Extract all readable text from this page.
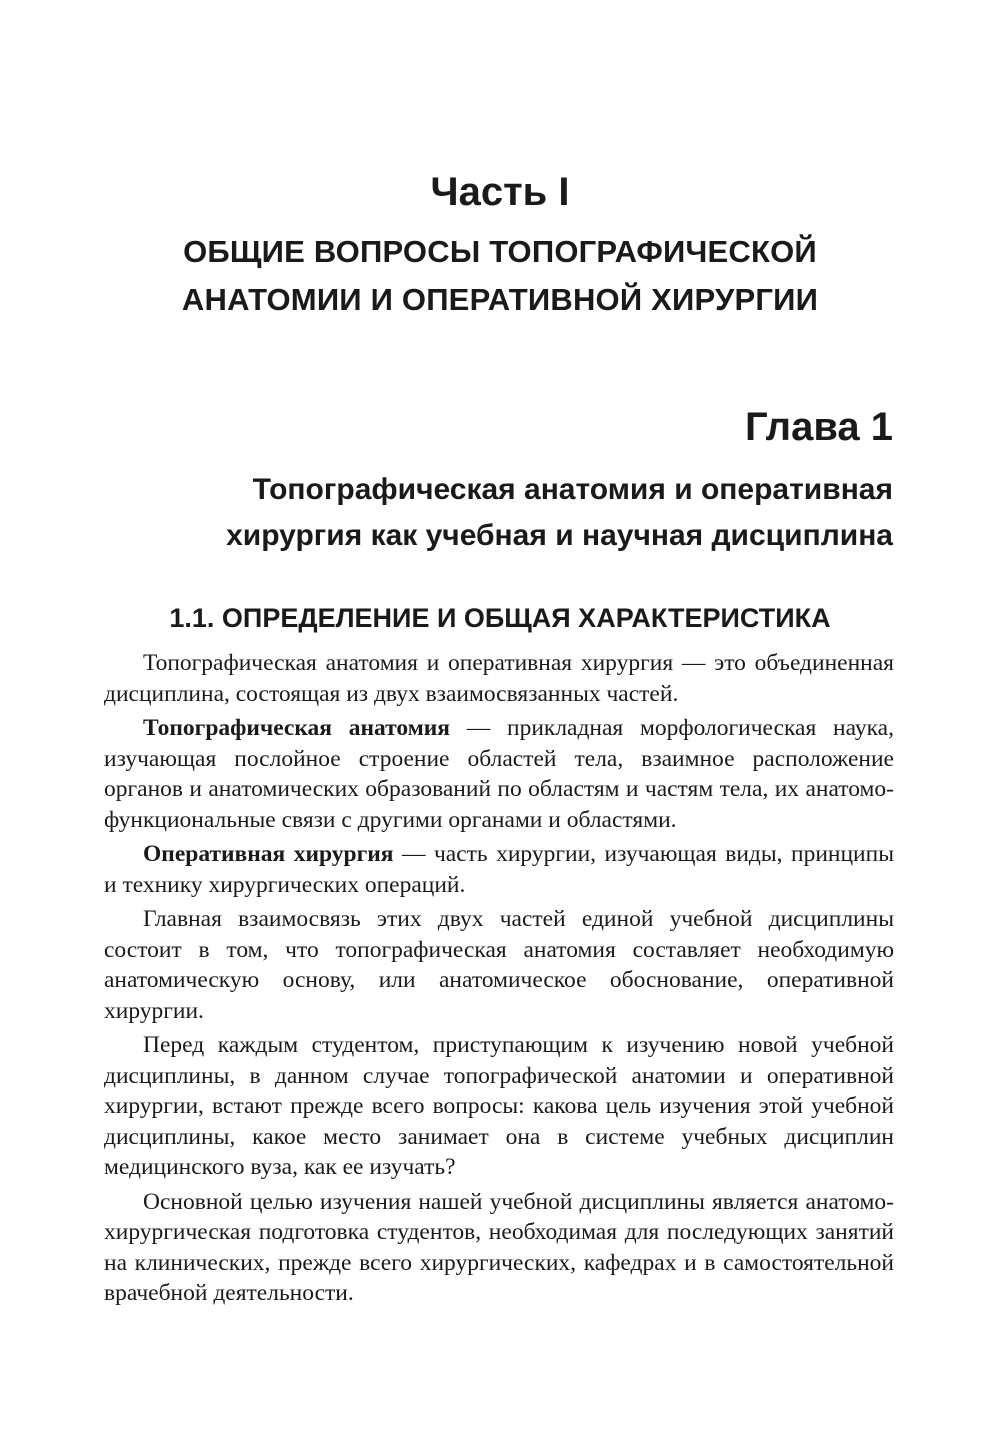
Часть I
ОБЩИЕ ВОПРОСЫ ТОПОГРАФИЧЕСКОЙ
АНАТОМИИ И ОПЕРАТИВНОЙ ХИРУРГИИ
Глава 1
Топографическая анатомия и оперативная
хирургия как учебная и научная дисциплина
1.1. ОПРЕДЕЛЕНИЕ И ОБЩАЯ ХАРАКТЕРИСТИКА

Топографическая анатомия и оперативная хирургия — это объединенная дисциплина, состоящая из двух взаимосвязанных частей.

Топографическая анатомия — прикладная морфологическая наука, изучающая послойное строение областей тела, взаимное расположение органов и анатомических образований по областям и частям тела, их анатомо-функциональные связи с другими органами и областями.

Оперативная хирургия — часть хирургии, изучающая виды, принципы и технику хирургических операций.

Главная взаимосвязь этих двух частей единой учебной дисциплины состоит в том, что топографическая анатомия составляет необходимую анатомическую основу, или анатомическое обоснование, оперативной хирургии.

Перед каждым студентом, приступающим к изучению новой учебной дисциплины, в данном случае топографической анатомии и оперативной хирургии, встают прежде всего вопросы: какова цель изучения этой учебной дисциплины, какое место занимает она в системе учебных дисциплин медицинского вуза, как ее изучать?

Основной целью изучения нашей учебной дисциплины является анатомо-хирургическая подготовка студентов, необходимая для последующих занятий на клинических, прежде всего хирургических, кафедрах и в самостоятельной врачебной деятельности.
